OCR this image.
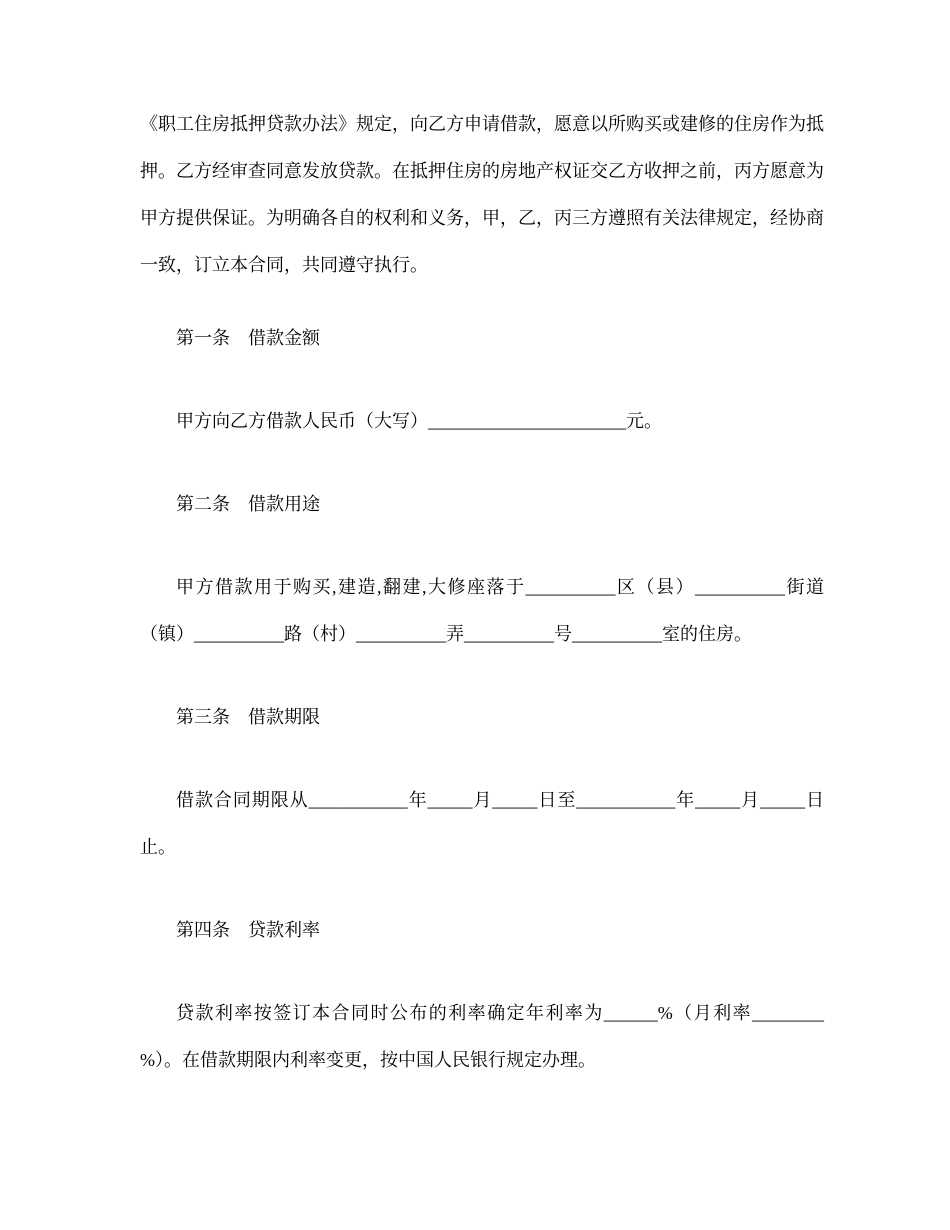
《职工住房抵押贷款办法》规定，向乙方申请借款，愿意以所购买或建修的住房作为抵押。乙方经审查同意发放贷款。在抵押住房的房地产权证交乙方收押之前，丙方愿意为甲方提供保证。为明确各自的权利和义务，甲，乙，丙三方遵照有关法律规定，经协商一致，订立本合同，共同遵守执行。

第一条　借款金额

甲方向乙方借款人民币（大写）______________________元。

第二条　借款用途

甲方借款用于购买,建造,翻建,大修座落于__________区（县）__________街道（镇）__________路（村）__________弄__________号__________室的住房。

第三条　借款期限

借款合同期限从___________年_____月_____日至___________年_____月_____日止。

第四条　贷款利率

贷款利率按签订本合同时公布的利率确定年利率为______%（月利率________​%）。在借款期限内利率变更，按中国人民银行规定办理。
